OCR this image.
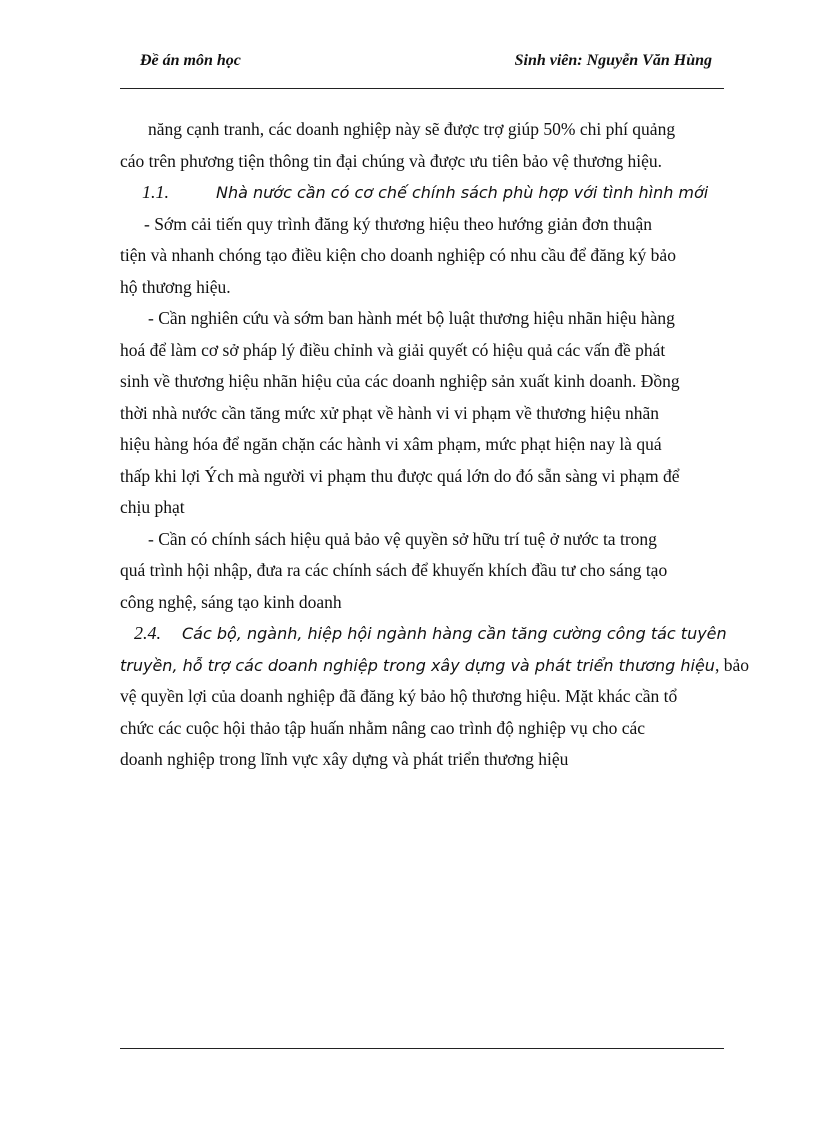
Đề án môn học	Sinh viên: Nguyễn Văn Hùng
năng cạnh tranh, các doanh nghiệp này sẽ được trợ giúp 50% chi phí quảng
cáo trên phương tiện thông tin đại chúng và được ưu tiên bảo vệ thương hiệu.
1.1.	Nhà nước cần có cơ chế chính sách phù hợp với tình hình mới
- Sớm cải tiến quy trình đăng ký thương hiệu theo hướng giản đơn thuận
tiện và nhanh chóng tạo điều kiện cho doanh nghiệp có nhu cầu để đăng ký bảo
hộ thương hiệu.
- Cần nghiên cứu và sớm ban hành mét bộ luật thương hiệu nhãn hiệu hàng
hoá để làm cơ sở pháp lý điều chỉnh và giải quyết có hiệu quả các vấn đề phát
sinh về thương hiệu nhãn hiệu của các doanh nghiệp sản xuất kinh doanh. Đồng
thời nhà nước cần tăng mức xử phạt về hành vi vi phạm về thương hiệu nhãn
hiệu hàng hóa để ngăn chặn các hành vi xâm phạm, mức phạt hiện nay là quá
thấp khi lợi Ých mà người vi phạm thu được quá lớn do đó sẵn sàng vi phạm để
chịu phạt
- Cần có chính sách hiệu quả bảo vệ quyền sở hữu trí tuệ ở nước ta trong
quá trình hội nhập, đưa ra các chính sách để khuyến khích đầu tư cho sáng tạo
công nghệ, sáng tạo kinh doanh
2.4. Các bộ, ngành, hiệp hội ngành hàng cần tăng cường công tác tuyên
truyền, hỗ trợ các doanh nghiệp trong xây dựng và phát triển thương hiệu, bảo
vệ quyền lợi của doanh nghiệp đã đăng ký bảo hộ thương hiệu. Mặt khác cần tổ
chức các cuộc hội thảo tập huấn nhằm nâng cao trình độ nghiệp vụ cho các
doanh nghiệp trong lĩnh vực xây dựng và phát triển thương hiệu
